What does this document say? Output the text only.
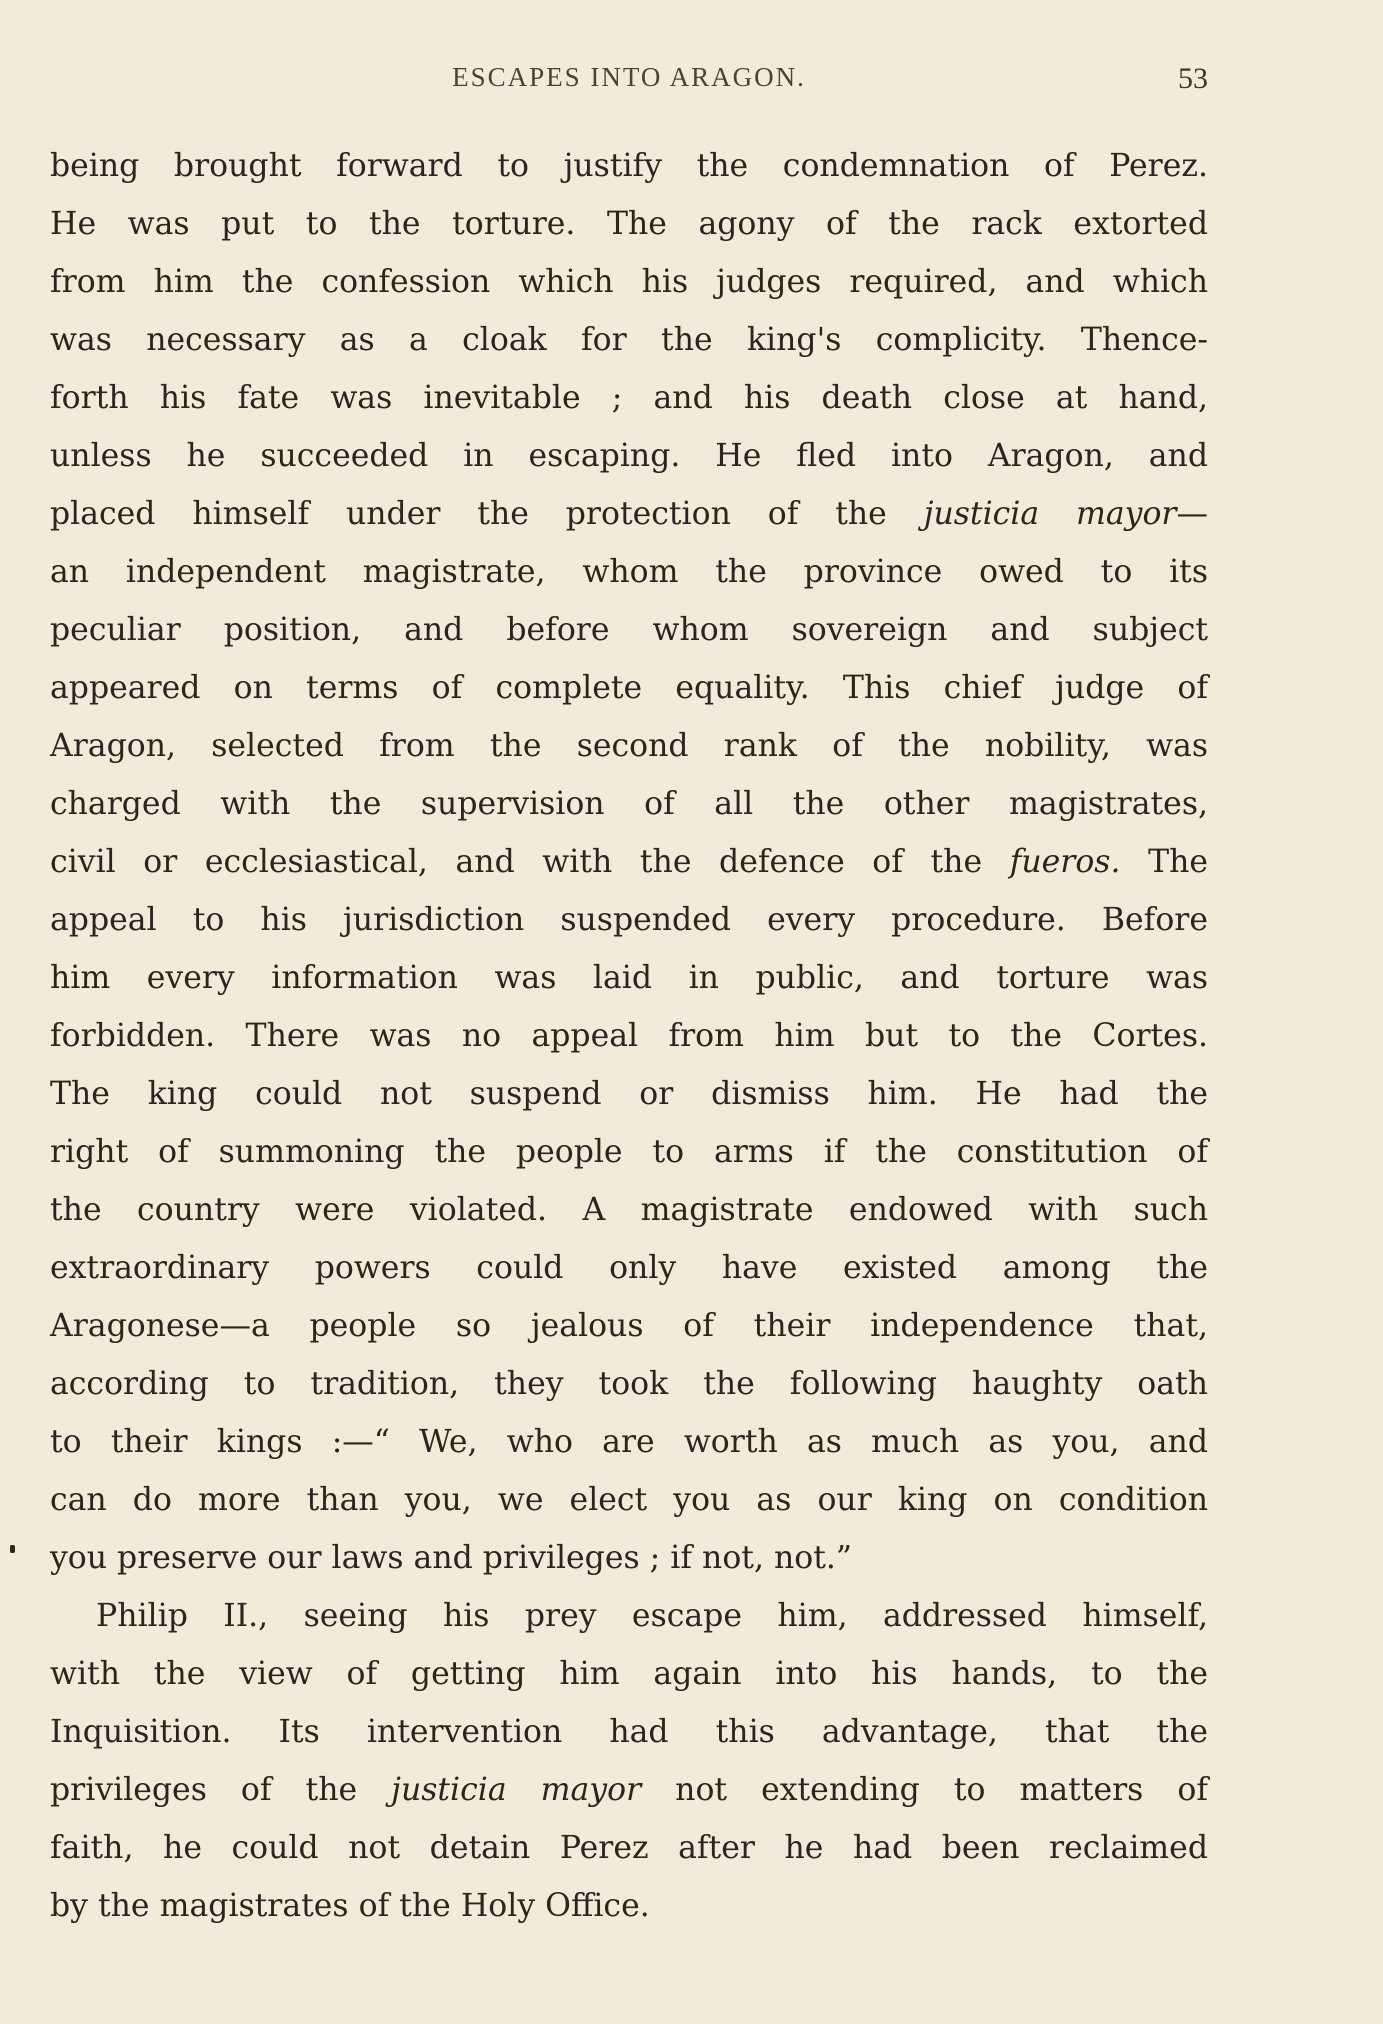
ESCAPES INTO ARAGON.	53
being brought forward to justify the condemnation of Perez.
He was put to the torture. The agony of the rack extorted
from him the confession which his judges required, and which
was necessary as a cloak for the king's complicity. Thence-
forth his fate was inevitable ; and his death close at hand,
unless he succeeded in escaping. He fled into Aragon, and
placed himself under the protection of the justicia mayor—
an independent magistrate, whom the province owed to its
peculiar position, and before whom sovereign and subject
appeared on terms of complete equality. This chief judge of
Aragon, selected from the second rank of the nobility, was
charged with the supervision of all the other magistrates,
civil or ecclesiastical, and with the defence of the fueros. The
appeal to his jurisdiction suspended every procedure. Before
him every information was laid in public, and torture was
forbidden. There was no appeal from him but to the Cortes.
The king could not suspend or dismiss him. He had the
right of summoning the people to arms if the constitution of
the country were violated. A magistrate endowed with such
extraordinary powers could only have existed among the
Aragonese—a people so jealous of their independence that,
according to tradition, they took the following haughty oath
to their kings :—“ We, who are worth as much as you, and
can do more than you, we elect you as our king on condition
you preserve our laws and privileges ; if not, not.”
Philip II., seeing his prey escape him, addressed himself,
with the view of getting him again into his hands, to the
Inquisition. Its intervention had this advantage, that the
privileges of the justicia mayor not extending to matters of
faith, he could not detain Perez after he had been reclaimed
by the magistrates of the Holy Office.
